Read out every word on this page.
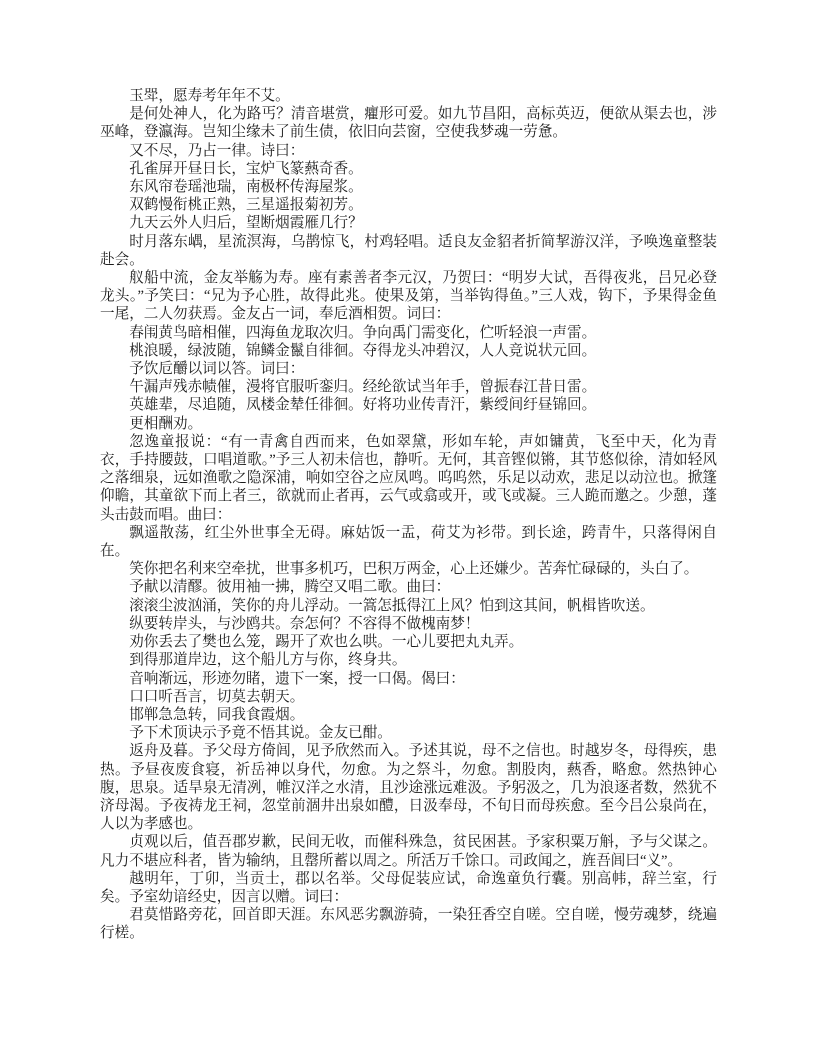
玉斝，愿寿考年年不艾。

是何处神人，化为路丐？清音堪赏，癯形可爱。如九节昌阳，高标英迈，便欲从渠去也，涉巫峰，登瀛海。岂知尘缘未了前生债，依旧向芸窗，空使我梦魂一劳惫。

又不尽，乃占一律。诗曰：

孔雀屏开昼日长，宝炉飞篆爇奇香。

东风帘卷瑶池瑞，南极杯传海屋浆。

双鹤慢衔桃正熟，三星遥报菊初芳。

九天云外人归后，望断烟霞雁几行？

时月落东嵎，星流溟海，乌鹊惊飞，村鸡轻唱。适良友金貂者折简挈游汉洋，予唤逸童整装赴会。

舣船中流，金友举觞为寿。座有素善者李元汉，乃贺曰：“明岁大试，吾得夜兆，吕兄必登龙头。”予笑曰：“兄为予心胜，故得此兆。使果及第，当举钩得鱼。”三人戏，钩下，予果得金鱼一尾，二人勿获焉。金友占一词，奉卮酒相贺。词曰：

春闱黄鸟暗相催，四海鱼龙取次归。争向禹门需变化，伫听轻浪一声雷。

桃浪暖，绿波随，锦鳞金鬣自徘徊。夺得龙头冲碧汉，人人竞说状元回。

予饮卮釂以词以答。词曰：

午漏声残赤帻催，漫将官服听銮归。经纶欲试当年手，曾振春江昔日雷。

英雄辈，尽追随，凤楼金辇任徘徊。好将功业传青汗，紫绶间纡昼锦回。

更相酬劝。

忽逸童报说：“有一青禽自西而来，色如翠黛，形如车轮，声如镛黄，飞至中天，化为青衣，手持腰鼓，口唱道歌。”予三人初未信也，静听。无何，其音铿似锵，其节悠似徐，清如轻风之落细泉，远如渔歌之隐深浦，响如空谷之应凤鸣。呜呜然，乐足以动欢，悲足以动泣也。掀篷仰瞻，其童欲下而上者三，欲就而止者再，云气或翕或开，或飞或凝。三人跪而邀之。少憩，蓬头击鼓而唱。曲曰：

飘遥散荡，红尘外世事全无碍。麻姑饭一盂，荷艾为衫带。到长途，跨青牛，只落得闲自在。

笑你把名利来空牵扰，世事多机巧，巴积万两金，心上还嫌少。苦奔忙碌碌的，头白了。

予献以清醪。彼用袖一拂，腾空又唱二歌。曲曰：

滚滚尘波汹涌，笑你的舟儿浮动。一篙怎抵得江上风？怕到这其间，帆楫皆吹送。

纵要转岸头，与沙鸥共。奈怎何？不容得不做槐南梦！

劝你丢去了樊也么笼，踢开了欢也么哄。一心儿要把丸丸弄。

到得那道岸边，这个船儿方与你，终身共。

音响渐远，形迹勿睹，遗下一案，授一口偈。偈曰：

口口听吾言，切莫去朝天。

邯郸急急转，同我食霞烟。

予下术顶诀示予竟不悟其说。金友已酣。

返舟及暮。予父母方倚闾，见予欣然而入。予述其说，母不之信也。时越岁冬，母得疾，患热。予昼夜废食寝，祈岳神以身代，勿愈。为之祭斗，勿愈。割股肉，爇香，略愈。然热钟心腹，思泉。适旱泉无清冽，帷汉洋之水清，且沙途涨远难汲。予躬汲之，几为浪逐者数，然犹不济母渴。予夜祷龙王祠，忽堂前涸井出泉如醴，日汲奉母，不旬日而母疾愈。至今吕公泉尚在，人以为孝感也。

贞观以后，值吾郡岁歉，民间无收，而催科殊急，贫民困甚。予家积粟万斛，予与父谋之。凡力不堪应科者，皆为输纳，且罄所蓄以周之。所活万千馀口。司政闻之，旌吾闾曰“义”。

越明年，丁卯，当贡士，郡以名举。父母促装应试，命逸童负行囊。别高帏，辞兰室，行矣。予室幼谙经史，因言以赠。词曰：

君莫惜路旁花，回首即天涯。东风恶劣飘游骑，一染狂香空自嗟。空自嗟，慢劳魂梦，绕遍行槎。
